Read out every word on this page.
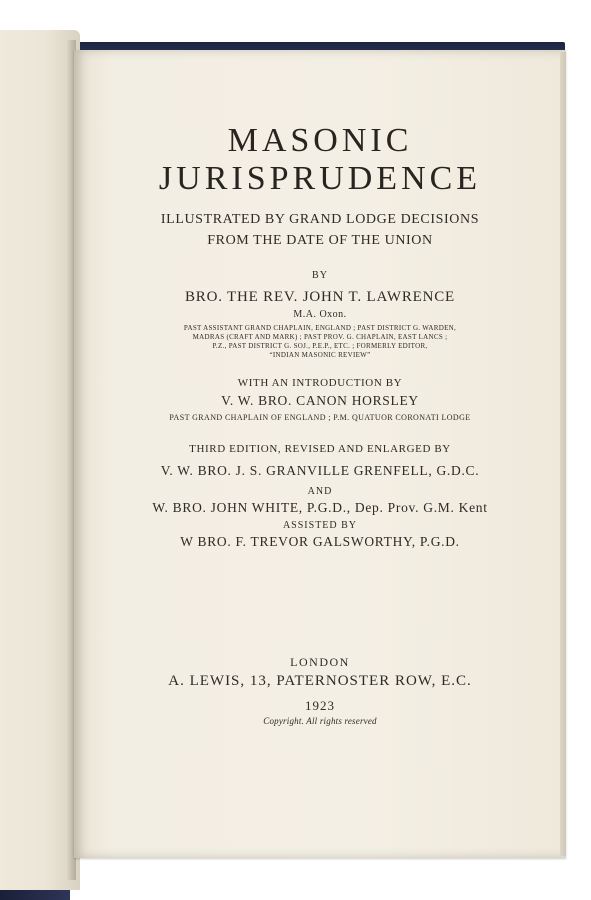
MASONIC
JURISPRUDENCE
ILLUSTRATED BY GRAND LODGE DECISIONS
FROM THE DATE OF THE UNION
BY
BRO. THE REV. JOHN T. LAWRENCE
M.A. Oxon.
PAST ASSISTANT GRAND CHAPLAIN, ENGLAND ; PAST DISTRICT G. WARDEN,
MADRAS (CRAFT AND MARK) ; PAST PROV. G. CHAPLAIN, EAST LANCS ;
P.Z., PAST DISTRICT G. SOJ., P.E.P., ETC. ; FORMERLY EDITOR,
“INDIAN MASONIC REVIEW”
WITH AN INTRODUCTION BY
V. W. BRO. CANON HORSLEY
PAST GRAND CHAPLAIN OF ENGLAND ; P.M. QUATUOR CORONATI LODGE
THIRD EDITION, REVISED AND ENLARGED BY
V. W. BRO. J. S. GRANVILLE GRENFELL, G.D.C.
AND
W. BRO. JOHN WHITE, P.G.D., Dep. Prov. G.M. Kent
ASSISTED BY
W BRO. F. TREVOR GALSWORTHY, P.G.D.
LONDON
A. LEWIS, 13, PATERNOSTER ROW, E.C.
1923
Copyright. All rights reserved
